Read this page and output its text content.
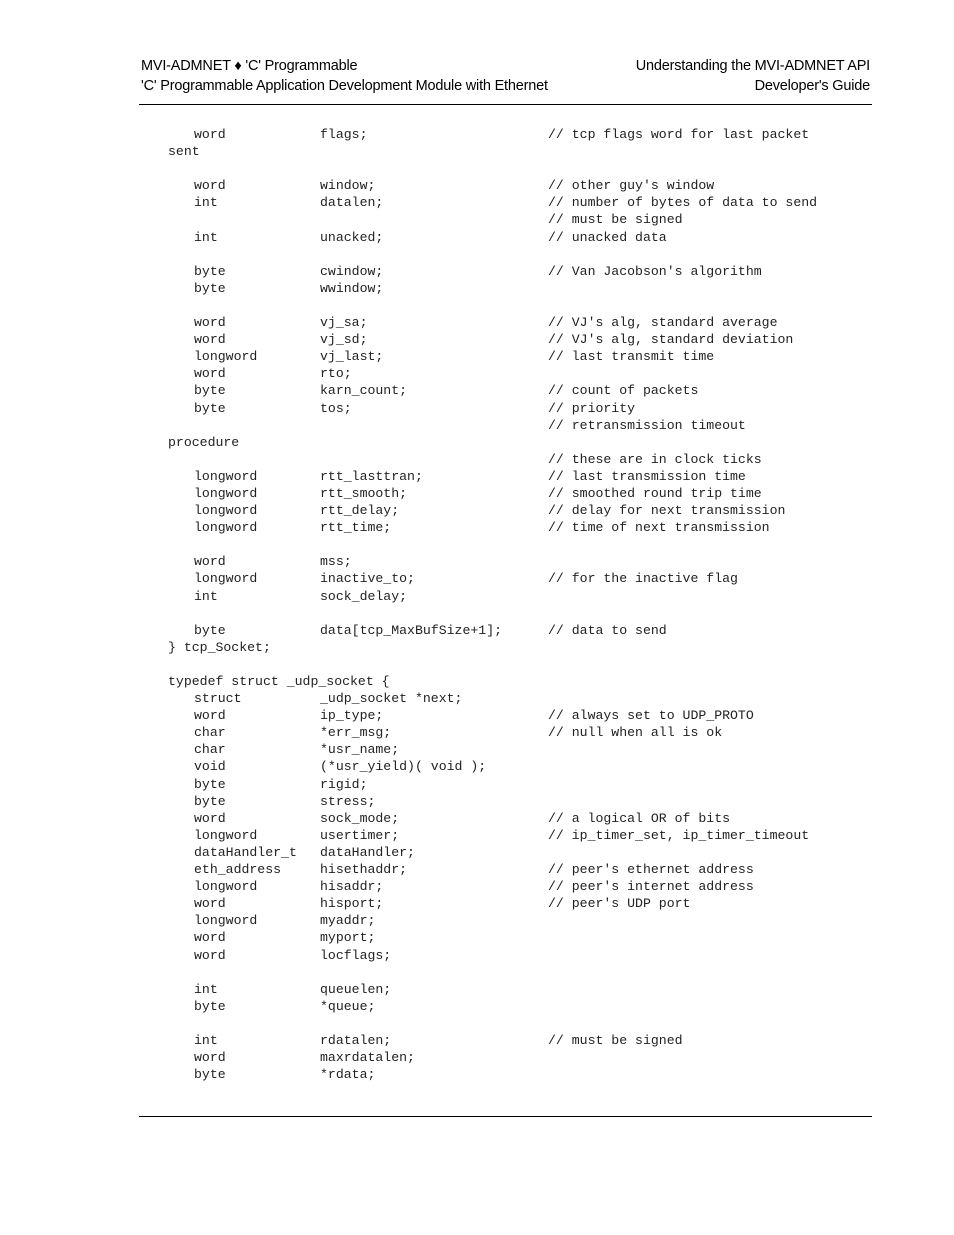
MVI-ADMNET ♦ 'C' Programmable
'C' Programmable Application Development Module with Ethernet
Understanding the MVI-ADMNET API
Developer's Guide
word	flags;	// tcp flags word for last packet
sent
word	window;	// other guy's window
int	datalen;	// number of bytes of data to send
// must be signed
int	unacked;	// unacked data
byte	cwindow;	// Van Jacobson's algorithm
byte	wwindow;
word	vj_sa;	// VJ's alg, standard average
word	vj_sd;	// VJ's alg, standard deviation
longword	vj_last;	// last transmit time
word	rto;
byte	karn_count;	// count of packets
byte	tos;	// priority
// retransmission timeout
procedure
// these are in clock ticks
longword	rtt_lasttran;	// last transmission time
longword	rtt_smooth;	// smoothed round trip time
longword	rtt_delay;	// delay for next transmission
longword	rtt_time;	// time of next transmission
word	mss;
longword	inactive_to;	// for the inactive flag
int	sock_delay;
byte	data[tcp_MaxBufSize+1];	// data to send
} tcp_Socket;
typedef struct _udp_socket {
struct	_udp_socket *next;
word	ip_type;	// always set to UDP_PROTO
char	*err_msg;	// null when all is ok
char	*usr_name;
void	(*usr_yield)( void );
byte	rigid;
byte	stress;
word	sock_mode;	// a logical OR of bits
longword	usertimer;	// ip_timer_set, ip_timer_timeout
dataHandler_t dataHandler;
eth_address	hisethaddr;	// peer's ethernet address
longword	hisaddr;	// peer's internet address
word	hisport;	// peer's UDP port
longword	myaddr;
word	myport;
word	locflags;
int	queuelen;
byte	*queue;
int	rdatalen;	// must be signed
word	maxrdatalen;
byte	*rdata;
